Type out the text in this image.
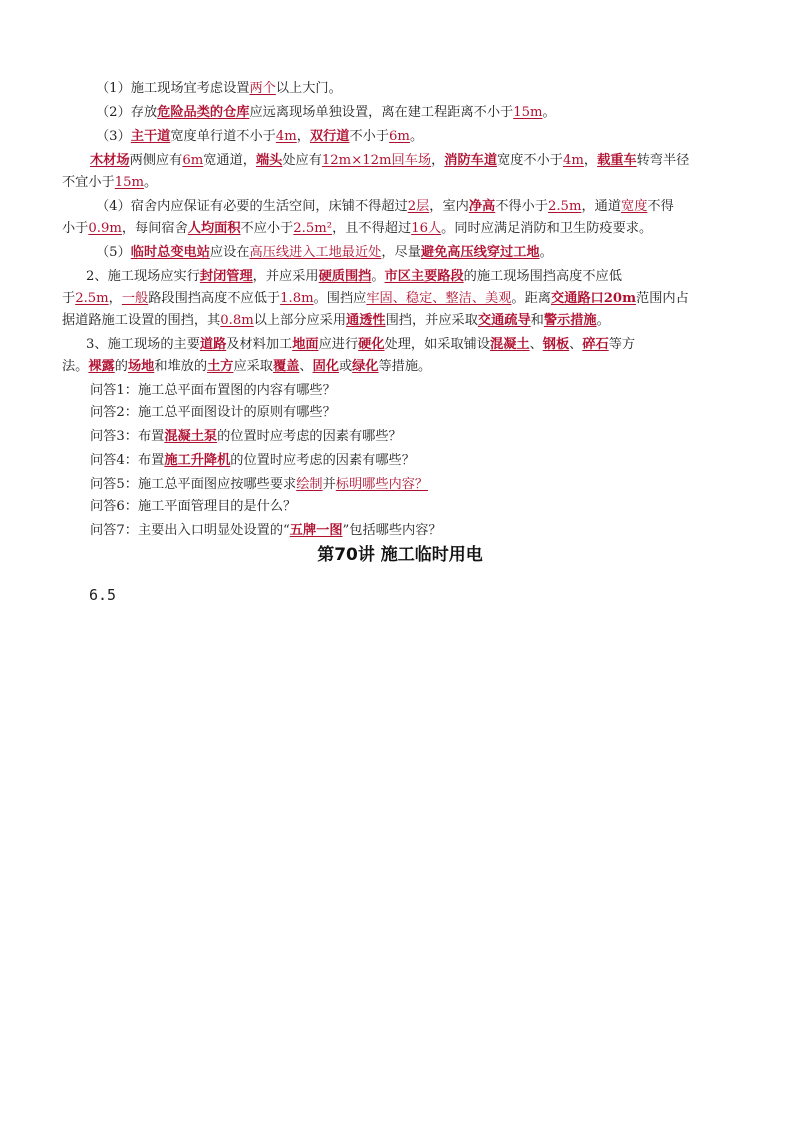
（1）施工现场宜考虑设置两个以上大门。
（2）存放危险品类的仓库应远离现场单独设置，离在建工程距离不小于15m。
（3）主干道宽度单行道不小于4m，双行道不小于6m。
木材场两侧应有6m宽通道，端头处应有12m×12m回车场，消防车道宽度不小于4m，载重车转弯半径
不宜小于15m。
（4）宿舍内应保证有必要的生活空间，床铺不得超过2层，室内净高不得小于2.5m，通道宽度不得
小于0.9m，每间宿舍人均面积不应小于2.5m²，且不得超过16人。同时应满足消防和卫生防疫要求。
（5）临时总变电站应设在高压线进入工地最近处，尽量避免高压线穿过工地。
2、施工现场应实行封闭管理，并应采用硬质围挡。市区主要路段的施工现场围挡高度不应低
于2.5m，一般路段围挡高度不应低于1.8m。围挡应牢固、稳定、整洁、美观。距离交通路口20m范围内占
据道路施工设置的围挡，其0.8m以上部分应采用通透性围挡，并应采取交通疏导和警示措施。
3、施工现场的主要道路及材料加工地面应进行硬化处理，如采取铺设混凝土、钢板、碎石等方
法。裸露的场地和堆放的土方应采取覆盖、固化或绿化等措施。
问答1：施工总平面布置图的内容有哪些？
问答2：施工总平面图设计的原则有哪些？
问答3：布置混凝土泵的位置时应考虑的因素有哪些？
问答4：布置施工升降机的位置时应考虑的因素有哪些？
问答5：施工总平面图应按哪些要求绘制并标明哪些内容？
问答6：施工平面管理目的是什么？
问答7：主要出入口明显处设置的“五牌一图”包括哪些内容？
第70讲 施工临时用电
6.5
